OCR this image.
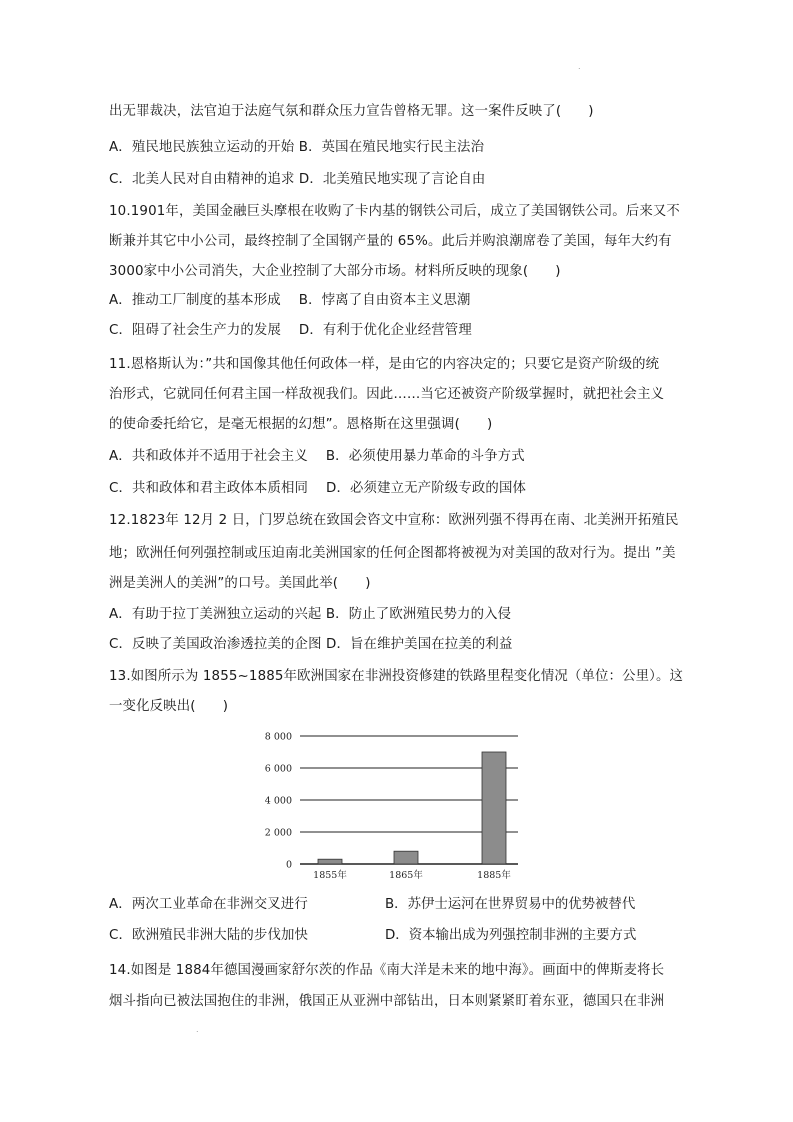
.
出无罪裁决，法官迫于法庭气氛和群众压力宣告曾格无罪。这一案件反映了(　　)
A．殖民地民族独立运动的开始 B．英国在殖民地实行民主法治
C．北美人民对自由精神的追求 D．北美殖民地实现了言论自由
10.1901年，美国金融巨头摩根在收购了卡内基的钢铁公司后，成立了美国钢铁公司。后来又不
断兼并其它中小公司，最终控制了全国钢产量的 65%。此后并购浪潮席卷了美国，每年大约有
3000家中小公司消失，大企业控制了大部分市场。材料所反映的现象(　　)
A．推动工厂制度的基本形成　 B．悖离了自由资本主义思潮
C．阻碍了社会生产力的发展　 D．有利于优化企业经营管理
11.恩格斯认为：”共和国像其他任何政体一样，是由它的内容决定的；只要它是资产阶级的统
治形式，它就同任何君主国一样敌视我们。因此……当它还被资产阶级掌握时，就把社会主义
的使命委托给它，是毫无根据的幻想”。恩格斯在这里强调(　　)
A．共和政体并不适用于社会主义　 B．必须使用暴力革命的斗争方式
C．共和政体和君主政体本质相同　 D．必须建立无产阶级专政的国体
12.1823年 12月 2 日，门罗总统在致国会咨文中宣称：欧洲列强不得再在南、北美洲开拓殖民
地；欧洲任何列强控制或压迫南北美洲国家的任何企图都将被视为对美国的敌对行为。提出 ”美
洲是美洲人的美洲”的口号。美国此举(　　)
A．有助于拉丁美洲独立运动的兴起 B．防止了欧洲殖民势力的入侵
C．反映了美国政治渗透拉美的企图 D．旨在维护美国在拉美的利益
13.如图所示为 1855~1885年欧洲国家在非洲投资修建的铁路里程变化情况（单位：公里）。这
一变化反映出(　　)
0
2 000
4 000
6 000
8 000
1855年	1865年	1885年
A．两次工业革命在非洲交叉进行	B．苏伊士运河在世界贸易中的优势被替代
C．欧洲殖民非洲大陆的步伐加快	D．资本输出成为列强控制非洲的主要方式
14.如图是 1884年德国漫画家舒尔茨的作品《南大洋是未来的地中海》。画面中的俾斯麦将长
烟斗指向已被法国抱住的非洲，俄国正从亚洲中部钻出，日本则紧紧盯着东亚，德国只在非洲
.
